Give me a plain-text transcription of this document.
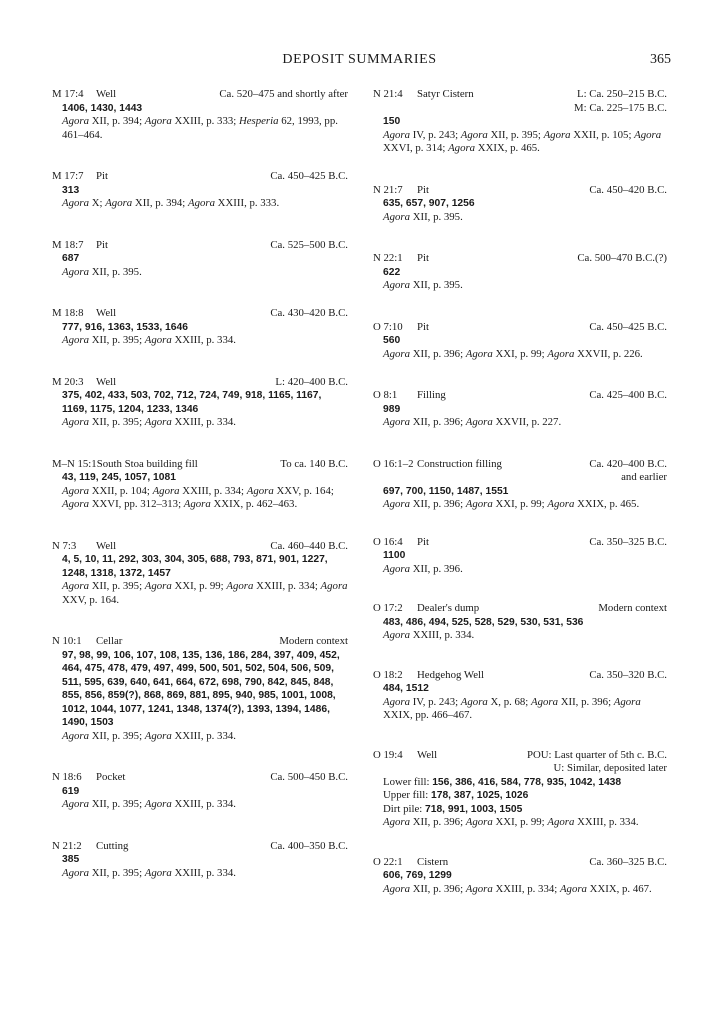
DEPOSIT SUMMARIES	365
M 17:4 Well	Ca. 520–475 and shortly after
1406, 1430, 1443
Agora XII, p. 394; Agora XXIII, p. 333; Hesperia 62, 1993, pp. 461–464.
M 17:7 Pit	Ca. 450–425 B.C.
313
Agora X; Agora XII, p. 394; Agora XXIII, p. 333.
M 18:7 Pit	Ca. 525–500 B.C.
687
Agora XII, p. 395.
M 18:8 Well	Ca. 430–420 B.C.
777, 916, 1363, 1533, 1646
Agora XII, p. 395; Agora XXIII, p. 334.
M 20:3 Well	L: 420–400 B.C.
375, 402, 433, 503, 702, 712, 724, 749, 918, 1165, 1167, 1169, 1175, 1204, 1233, 1346
Agora XII, p. 395; Agora XXIII, p. 334.
M–N 15:1South Stoa building fill	To ca. 140 B.C.
43, 119, 245, 1057, 1081
Agora XXII, p. 104; Agora XXIII, p. 334; Agora XXV, p. 164; Agora XXVI, pp. 312–313; Agora XXIX, p. 462–463.
N 7:3 Well	Ca. 460–440 B.C.
4, 5, 10, 11, 292, 303, 304, 305, 688, 793, 871, 901, 1227, 1248, 1318, 1372, 1457
Agora XII, p. 395; Agora XXI, p. 99; Agora XXIII, p. 334; Agora XXV, p. 164.
N 10:1 Cellar	Modern context
97, 98, 99, 106, 107, 108, 135, 136, 186, 284, 397, 409, 452, 464, 475, 478, 479, 497, 499, 500, 501, 502, 504, 506, 509, 511, 595, 639, 640, 641, 664, 672, 698, 790, 842, 845, 848, 855, 856, 859(?), 868, 869, 881, 895, 940, 985, 1001, 1008, 1012, 1044, 1077, 1241, 1348, 1374(?), 1393, 1394, 1486, 1490, 1503
Agora XII, p. 395; Agora XXIII, p. 334.
N 18:6 Pocket	Ca. 500–450 B.C.
619
Agora XII, p. 395; Agora XXIII, p. 334.
N 21:2 Cutting	Ca. 400–350 B.C.
385
Agora XII, p. 395; Agora XXIII, p. 334.
N 21:4 Satyr Cistern	L: Ca. 250–215 B.C.
M: Ca. 225–175 B.C.
150
Agora IV, p. 243; Agora XII, p. 395; Agora XXII, p. 105; Agora XXVI, p. 314; Agora XXIX, p. 465.
N 21:7 Pit	Ca. 450–420 B.C.
635, 657, 907, 1256
Agora XII, p. 395.
N 22:1 Pit	Ca. 500–470 B.C.(?)
622
Agora XII, p. 395.
O 7:10 Pit	Ca. 450–425 B.C.
560
Agora XII, p. 396; Agora XXI, p. 99; Agora XXVII, p. 226.
O 8:1 Filling	Ca. 425–400 B.C.
989
Agora XII, p. 396; Agora XXVII, p. 227.
O 16:1–2 Construction filling	Ca. 420–400 B.C.
and earlier
697, 700, 1150, 1487, 1551
Agora XII, p. 396; Agora XXI, p. 99; Agora XXIX, p. 465.
O 16:4 Pit	Ca. 350–325 B.C.
1100
Agora XII, p. 396.
O 17:2 Dealer's dump	Modern context
483, 486, 494, 525, 528, 529, 530, 531, 536
Agora XXIII, p. 334.
O 18:2 Hedgehog Well	Ca. 350–320 B.C.
484, 1512
Agora IV, p. 243; Agora X, p. 68; Agora XII, p. 396; Agora XXIX, pp. 466–467.
O 19:4 Well	POU: Last quarter of 5th c. B.C.
U: Similar, deposited later
Lower fill: 156, 386, 416, 584, 778, 935, 1042, 1438
Upper fill: 178, 387, 1025, 1026
Dirt pile: 718, 991, 1003, 1505
Agora XII, p. 396; Agora XXI, p. 99; Agora XXIII, p. 334.
O 22:1 Cistern	Ca. 360–325 B.C.
606, 769, 1299
Agora XII, p. 396; Agora XXIII, p. 334; Agora XXIX, p. 467.
